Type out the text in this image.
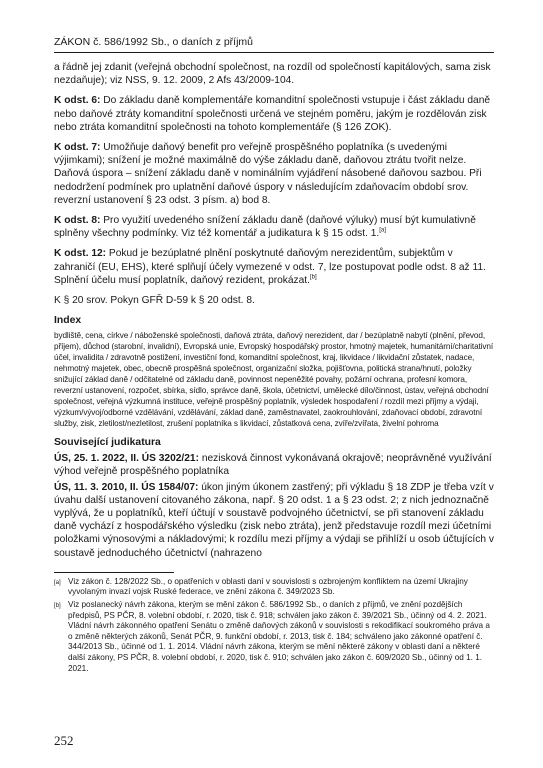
ZÁKON č. 586/1992 Sb., o daních z příjmů

a řádně jej zdanit (veřejná obchodní společnost, na rozdíl od společností kapitálových, sama zisk nezdaňuje); viz NSS, 9. 12. 2009, 2 Afs 43/2009-104.

K odst. 6: Do základu daně komplementáře komanditní společnosti vstupuje i část základu daně nebo daňové ztráty komanditní společnosti určená ve stejném poměru, jakým je rozdělován zisk nebo ztráta komanditní společnosti na tohoto komplementáře (§ 126 ZOK).

K odst. 7: Umožňuje daňový benefit pro veřejně prospěšného poplatníka (s uvedenými výjimkami); snížení je možné maximálně do výše základu daně, daňovou ztrátu tvořit nelze. Daňová úspora – snížení základu daně v nominálním vyjádření násobené daňovou sazbou. Při nedodržení podmínek pro uplatnění daňové úspory v následujícím zdaňovacím období srov. reverzní ustanovení § 23 odst. 3 písm. a) bod 8.

K odst. 8: Pro využití uvedeného snížení základu daně (daňové výluky) musí být kumulativně splněny všechny podmínky. Viz též komentář a judikatura k § 15 odst. 1.[a]

K odst. 12: Pokud je bezúplatné plnění poskytnuté daňovým nerezidentům, subjektům v zahraničí (EU, EHS), které splňují účely vymezené v odst. 7, lze postupovat podle odst. 8 až 11. Splnění účelu musí poplatník, daňový rezident, prokázat.[b]

K § 20 srov. Pokyn GFŘ D-59 k § 20 odst. 8.

Index

bydliště, cena, církve / náboženské společnosti, daňová ztráta, daňový nerezident, dar / bezúplatně nabytí (plnění, převod, příjem), důchod (starobní, invalidní), Evropská unie, Evropský hospodářský prostor, hmotný majetek, humanitární/charitativní účel, invalidita / zdravotně postižení, investiční fond, komanditní společnost, kraj, likvidace / likvidační zůstatek, nadace, nehmotný majetek, obec, obecně prospěšná společnost, organizační složka, pojišťovna, politická strana/hnutí, položky snižující základ daně / odčitatelné od základu daně, povinnost nepeněžité povahy, požární ochrana, profesní komora, reverzní ustanovení, rozpočet, sbírka, sídlo, správce daně, škola, účetnictví, umělecké dílo/činnost, ústav, veřejná obchodní společnost, veřejná výzkumná instituce, veřejně prospěšný poplatník, výsledek hospodaření / rozdíl mezi příjmy a výdaji, výzkum/vývoj/odborné vzdělávání, vzdělávání, základ daně, zaměstnavatel, zaokrouhlování, zdaňovací období, zdravotní služby, zisk, zletilost/nezletilost, zrušení poplatníka s likvidací, zůstatková cena, zvíře/zvířata, živelní pohroma

Související judikatura

ÚS, 25. 1. 2022, II. ÚS 3202/21: nezisková činnost vykonávaná okrajově; neoprávněné využívání výhod veřejně prospěšného poplatníka

ÚS, 11. 3. 2010, II. ÚS 1584/07: úkon jiným úkonem zastřený; při výkladu § 18 ZDP je třeba vzít v úvahu další ustanovení citovaného zákona, např. § 20 odst. 1 a § 23 odst. 2; z nich jednoznačně vyplývá, že u poplatníků, kteří účtují v soustavě podvojného účetnictví, se při stanovení základu daně vychází z hospodářského výsledku (zisk nebo ztráta), jenž představuje rozdíl mezi účetními položkami výnosovými a nákladovými; k rozdílu mezi příjmy a výdaji se přihlíží u osob účtujících v soustavě jednoduchého účetnictví (nahrazeno

[a] Viz zákon č. 128/2022 Sb., o opatřeních v oblasti daní v souvislosti s ozbrojeným konfliktem na území Ukrajiny vyvolaným invazí vojsk Ruské federace, ve znění zákona č. 349/2023 Sb.
[b] Viz poslanecký návrh zákona, kterým se mění zákon č. 586/1992 Sb., o daních z příjmů, ve znění pozdějších předpisů, PS PČR, 8. volební období, r. 2020, tisk č. 918; schválen jako zákon č. 39/2021 Sb., účinný od 4. 2. 2021. Vládní návrh zákonného opatření Senátu o změně daňových zákonů v souvislosti s rekodifikací soukromého práva a o změně některých zákonů, Senát PČR, 9. funkční období, r. 2013, tisk č. 184; schváleno jako zákonné opatření č. 344/2013 Sb., účinné od 1. 1. 2014. Vládní návrh zákona, kterým se mění některé zákony v oblasti daní a některé další zákony, PS PČR, 8. volební období, r. 2020, tisk č. 910; schválen jako zákon č. 609/2020 Sb., účinný od 1. 1. 2021.
252
